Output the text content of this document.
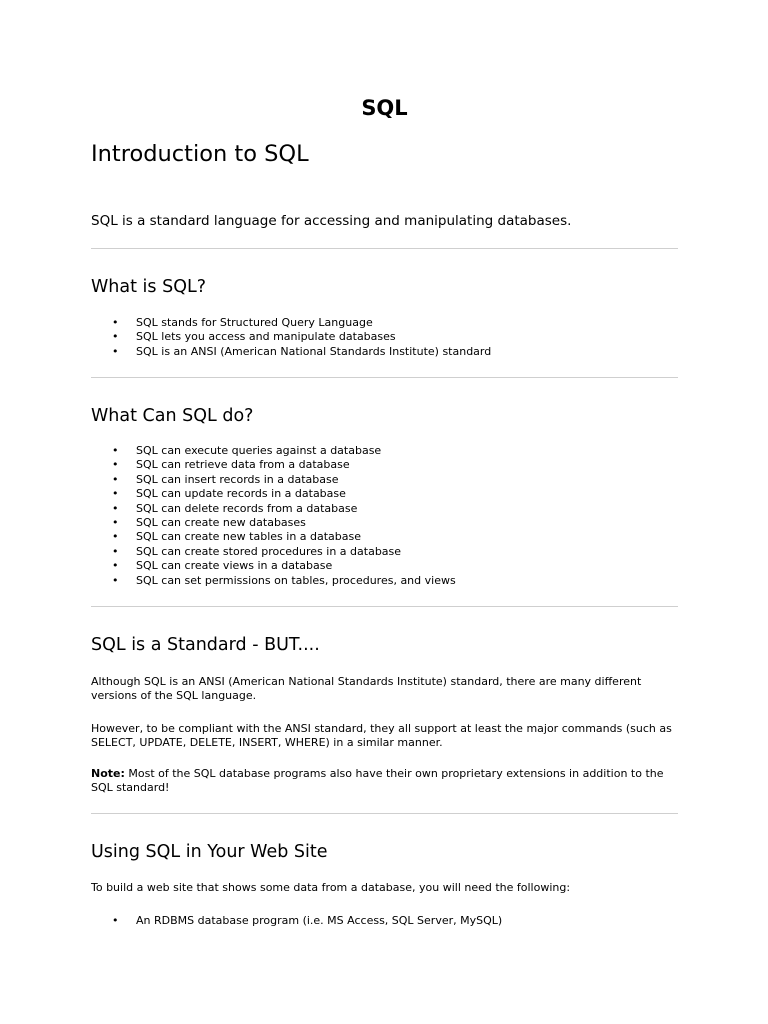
SQL
Introduction to SQL

SQL is a standard language for accessing and manipulating databases.

What is SQL?
• SQL stands for Structured Query Language
• SQL lets you access and manipulate databases
• SQL is an ANSI (American National Standards Institute) standard
What Can SQL do?
• SQL can execute queries against a database
• SQL can retrieve data from a database
• SQL can insert records in a database
• SQL can update records in a database
• SQL can delete records from a database
• SQL can create new databases
• SQL can create new tables in a database
• SQL can create stored procedures in a database
• SQL can create views in a database
• SQL can set permissions on tables, procedures, and views
SQL is a Standard - BUT....

Although SQL is an ANSI (American National Standards Institute) standard, there are many different versions of the SQL language.

However, to be compliant with the ANSI standard, they all support at least the major commands (such as SELECT, UPDATE, DELETE, INSERT, WHERE) in a similar manner.

Note: Most of the SQL database programs also have their own proprietary extensions in addition to the SQL standard!

Using SQL in Your Web Site

To build a web site that shows some data from a database, you will need the following:

• An RDBMS database program (i.e. MS Access, SQL Server, MySQL)
